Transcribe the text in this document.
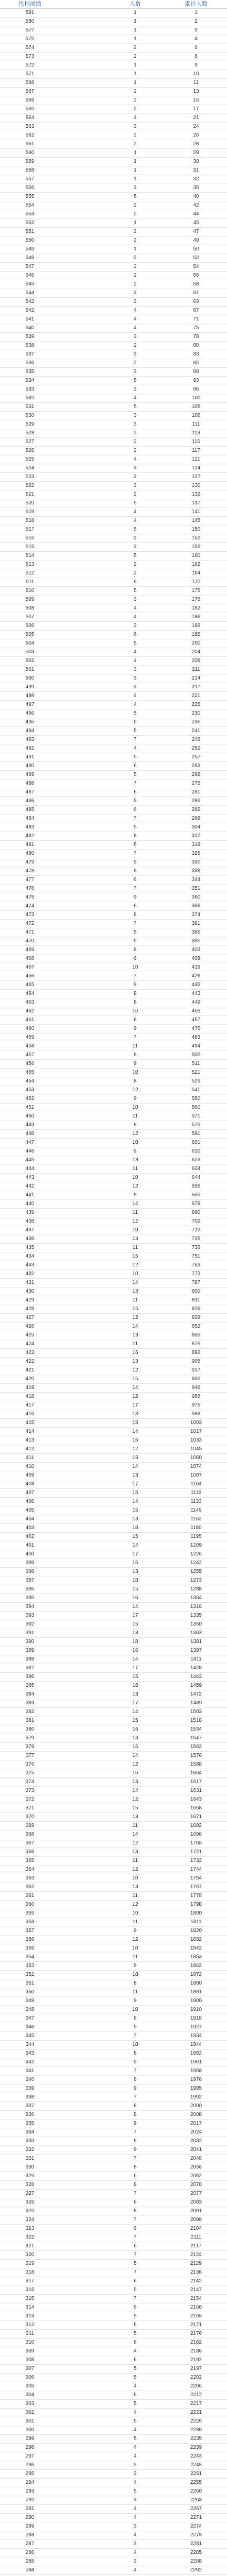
投档成绩	人数	累计人数
581	1	1
580	1	2
577	1	3
575	1	4
574	2	6
573	2	8
572	1	9
571	1	10
568	1	11
567	2	13
566	2	15
565	2	17
564	4	21
563	3	24
562	2	26
561	2	28
560	1	29
559	1	30
558	1	31
557	1	32
556	3	35
555	5	40
554	2	42
553	2	44
552	1	45
551	2	47
550	2	49
549	1	50
548	2	52
547	2	54
546	2	56
545	2	58
544	3	61
543	2	63
542	4	67
541	4	71
540	4	75
539	3	78
538	2	80
537	3	83
536	2	85
535	3	88
534	5	93
533	3	96
532	4	100
531	5	105
530	3	108
529	3	111
528	2	113
527	2	115
526	2	117
525	4	121
524	3	124
523	3	127
522	3	130
521	2	132
520	5	137
519	4	141
518	4	145
517	5	150
516	2	152
515	3	155
514	5	160
513	2	162
512	2	164
511	6	170
510	5	175
509	3	178
508	4	182
507	4	186
506	3	189
505	6	195
504	5	200
503	4	204
502	4	208
501	3	211
500	3	214
499	3	217
498	4	221
497	4	225
496	5	230
495	6	236
494	5	241
493	7	248
492	4	252
491	5	257
490	6	263
489	5	268
488	7	275
487	6	281
486	5	286
485	6	292
484	7	299
483	5	304
482	8	312
481	6	318
480	7	325
479	5	330
478	8	338
477	6	344
476	7	351
475	9	360
474	6	366
473	8	374
472	7	381
471	5	386
470	9	395
469	8	403
468	6	409
467	10	419
466	7	426
465	9	435
464	8	443
463	6	449
462	10	459
461	8	467
460	9	476
459	7	483
458	11	494
457	8	502
456	9	511
455	10	521
454	8	529
453	12	541
452	9	550
451	10	560
450	11	571
449	8	579
448	12	591
447	10	601
446	9	610
445	13	623
444	11	634
443	10	644
442	12	656
441	9	665
440	14	679
439	11	690
438	12	702
437	10	712
436	13	725
435	11	736
434	15	751
433	12	763
432	10	773
431	14	787
430	13	800
429	11	811
428	15	826
427	12	838
426	14	852
425	13	865
424	11	876
423	16	892
422	13	905
421	12	917
420	15	932
419	14	946
418	12	958
417	17	975
416	13	988
415	15	1003
414	14	1017
413	16	1033
412	12	1045
411	15	1060
410	14	1074
409	13	1087
408	17	1104
407	15	1119
406	14	1133
405	16	1149
404	13	1162
403	18	1180
402	15	1195
401	14	1209
400	17	1226
399	16	1242
398	13	1255
397	18	1273
396	15	1288
395	16	1304
394	14	1318
393	17	1335
392	15	1350
391	13	1363
390	18	1381
389	16	1397
388	14	1411
387	17	1428
386	15	1443
385	16	1459
384	13	1472
383	17	1489
382	14	1503
381	15	1518
380	16	1534
379	13	1547
378	15	1562
377	14	1576
376	12	1588
375	16	1604
374	13	1617
373	14	1631
372	12	1643
371	15	1658
370	13	1671
369	11	1682
368	14	1696
367	12	1708
366	13	1721
365	11	1732
364	12	1744
363	10	1754
362	13	1767
361	11	1778
360	12	1790
359	10	1800
358	11	1811
357	9	1820
356	12	1832
355	10	1842
354	11	1853
353	9	1862
352	10	1872
351	8	1880
350	11	1891
349	9	1900
348	10	1910
347	8	1918
346	9	1927
345	7	1934
344	10	1944
343	8	1952
342	9	1961
341	7	1968
340	8	1976
339	9	1985
338	7	1992
337	8	2000
336	8	2008
335	9	2017
334	7	2024
333	8	2032
332	9	2041
331	7	2048
330	8	2056
329	6	2062
328	8	2070
327	7	2077
326	6	2083
325	8	2091
324	7	2098
323	6	2104
322	7	2111
321	6	2117
320	7	2124
319	5	2129
318	7	2136
317	6	2142
316	5	2147
315	7	2154
314	6	2160
313	5	2165
312	6	2171
311	5	2176
310	6	2182
309	4	2186
308	6	2192
307	5	2197
306	5	2202
305	4	2206
304	6	2212
303	5	2217
302	4	2221
301	5	2226
300	4	2230
299	5	2235
298	4	2239
297	4	2243
296	5	2248
295	3	2251
294	4	2255
293	5	2260
292	3	2263
291	4	2267
290	4	2271
289	3	2274
288	4	2278
287	3	2281
286	4	2285
285	3	2288
284	4	2292
